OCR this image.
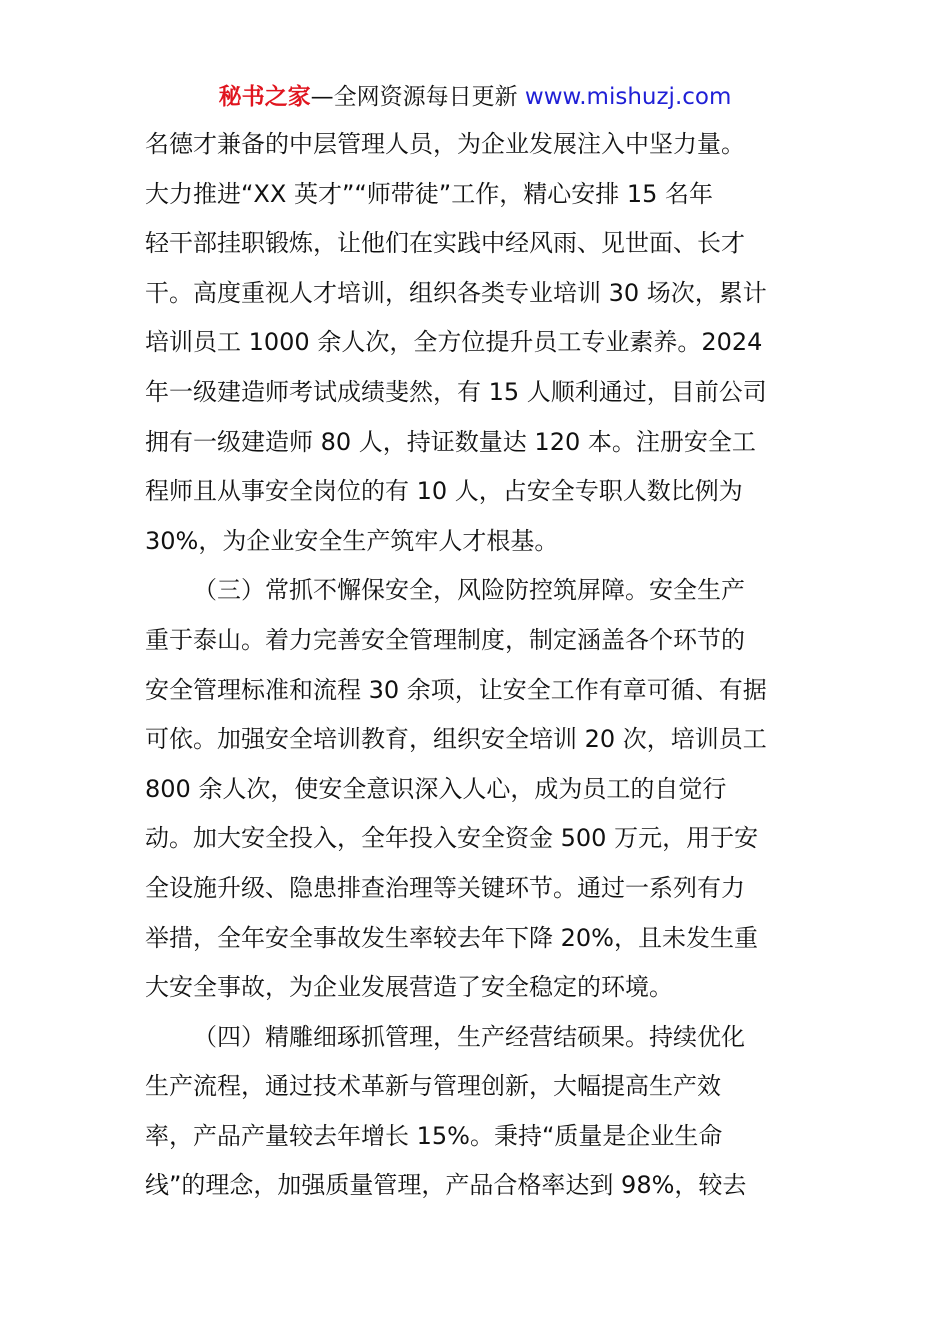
秘书之家—全网资源每日更新 www.mishuzj.com
名德才兼备的中层管理人员，为企业发展注入中坚力量。
大力推进“XX 英才”“师带徒”工作，精心安排 15 名年
轻干部挂职锻炼，让他们在实践中经风雨、见世面、长才
干。高度重视人才培训，组织各类专业培训 30 场次，累计
培训员工 1000 余人次，全方位提升员工专业素养。2024
年一级建造师考试成绩斐然，有 15 人顺利通过，目前公司
拥有一级建造师 80 人，持证数量达 120 本。注册安全工
程师且从事安全岗位的有 10 人，占安全专职人数比例为
30%，为企业安全生产筑牢人才根基。
（三）常抓不懈保安全，风险防控筑屏障。安全生产
重于泰山。着力完善安全管理制度，制定涵盖各个环节的
安全管理标准和流程 30 余项，让安全工作有章可循、有据
可依。加强安全培训教育，组织安全培训 20 次，培训员工
800 余人次，使安全意识深入人心，成为员工的自觉行
动。加大安全投入，全年投入安全资金 500 万元，用于安
全设施升级、隐患排查治理等关键环节。通过一系列有力
举措，全年安全事故发生率较去年下降 20%，且未发生重
大安全事故，为企业发展营造了安全稳定的环境。
（四）精雕细琢抓管理，生产经营结硕果。持续优化
生产流程，通过技术革新与管理创新，大幅提高生产效
率，产品产量较去年增长 15%。秉持“质量是企业生命
线”的理念，加强质量管理，产品合格率达到 98%，较去
